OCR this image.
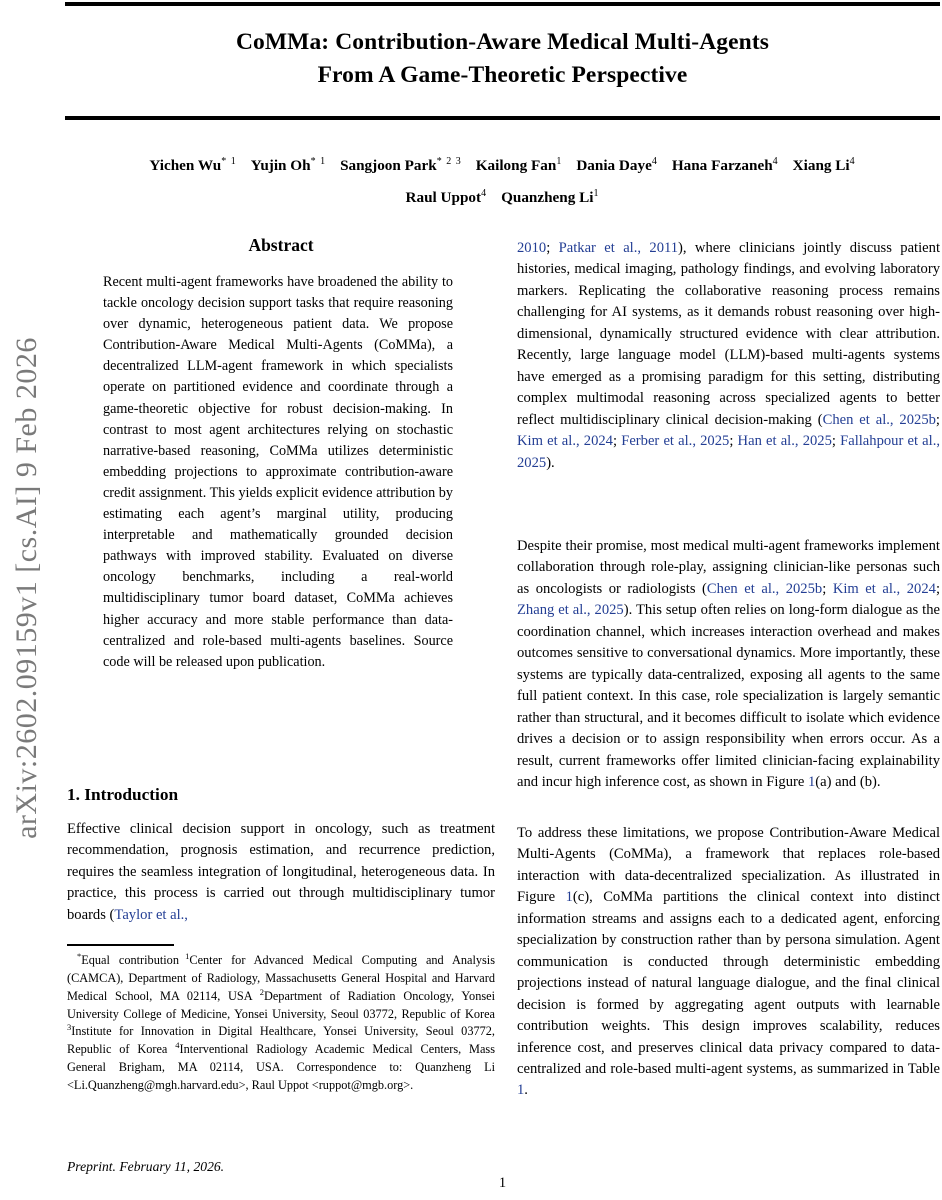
CoMMa: Contribution-Aware Medical Multi-Agents
From A Game-Theoretic Perspective
Yichen Wu$^{* 1}$ Yujin Oh$^{* 1}$ Sangjoon Park$^{* 2 3}$ Kailong Fan$^1$ Dania Daye$^4$ Hana Farzaneh$^4$ Xiang Li$^4$
Raul Uppot$^4$ Quanzheng Li$^1$
Abstract
Recent multi-agent frameworks have broadened the ability to tackle oncology decision support tasks that require reasoning over dynamic, heterogeneous patient data. We propose Contribution-Aware Medical Multi-Agents (CoMMa), a decentralized LLM-agent framework in which specialists operate on partitioned evidence and coordinate through a game-theoretic objective for robust decision-making. In contrast to most agent architectures relying on stochastic narrative-based reasoning, CoMMa utilizes deterministic embedding projections to approximate contribution-aware credit assignment. This yields explicit evidence attribution by estimating each agent’s marginal utility, producing interpretable and mathematically grounded decision pathways with improved stability. Evaluated on diverse oncology benchmarks, including a real-world multidisciplinary tumor board dataset, CoMMa achieves higher accuracy and more stable performance than data-centralized and role-based multi-agents baselines. Source code will be released upon publication.
1. Introduction
Effective clinical decision support in oncology, such as treatment recommendation, prognosis estimation, and recurrence prediction, requires the seamless integration of longitudinal, heterogeneous data. In practice, this process is carried out through multidisciplinary tumor boards (Taylor et al.,
*Equal contribution $^1$Center for Advanced Medical Computing and Analysis (CAMCA), Department of Radiology, Massachusetts General Hospital and Harvard Medical School, MA 02114, USA $^2$Department of Radiation Oncology, Yonsei University College of Medicine, Yonsei University, Seoul 03772, Republic of Korea $^3$Institute for Innovation in Digital Healthcare, Yonsei University, Seoul 03772, Republic of Korea $^4$Interventional Radiology Academic Medical Centers, Mass General Brigham, MA 02114, USA. Correspondence to: Quanzheng Li <Li.Quanzheng@mgh.harvard.edu>, Raul Uppot <ruppot@mgb.org>.
Preprint. February 11, 2026.
2010; Patkar et al., 2011), where clinicians jointly discuss patient histories, medical imaging, pathology findings, and evolving laboratory markers. Replicating the collaborative reasoning process remains challenging for AI systems, as it demands robust reasoning over high-dimensional, dynamically structured evidence with clear attribution. Recently, large language model (LLM)-based multi-agents systems have emerged as a promising paradigm for this setting, distributing complex multimodal reasoning across specialized agents to better reflect multidisciplinary clinical decision-making (Chen et al., 2025b; Kim et al., 2024; Ferber et al., 2025; Han et al., 2025; Fallahpour et al., 2025).
Despite their promise, most medical multi-agent frameworks implement collaboration through role-play, assigning clinician-like personas such as oncologists or radiologists (Chen et al., 2025b; Kim et al., 2024; Zhang et al., 2025). This setup often relies on long-form dialogue as the coordination channel, which increases interaction overhead and makes outcomes sensitive to conversational dynamics. More importantly, these systems are typically data-centralized, exposing all agents to the same full patient context. In this case, role specialization is largely semantic rather than structural, and it becomes difficult to isolate which evidence drives a decision or to assign responsibility when errors occur. As a result, current frameworks offer limited clinician-facing explainability and incur high inference cost, as shown in Figure 1(a) and (b).
To address these limitations, we propose Contribution-Aware Medical Multi-Agents (CoMMa), a framework that replaces role-based interaction with data-decentralized specialization. As illustrated in Figure 1(c), CoMMa partitions the clinical context into distinct information streams and assigns each to a dedicated agent, enforcing specialization by construction rather than by persona simulation. Agent communication is conducted through deterministic embedding projections instead of natural language dialogue, and the final clinical decision is formed by aggregating agent outputs with learnable contribution weights. This design improves scalability, reduces inference cost, and preserves clinical data privacy compared to data-centralized and role-based multi-agent systems, as summarized in Table 1.
arXiv:2602.09159v1 [cs.AI] 9 Feb 2026
1
